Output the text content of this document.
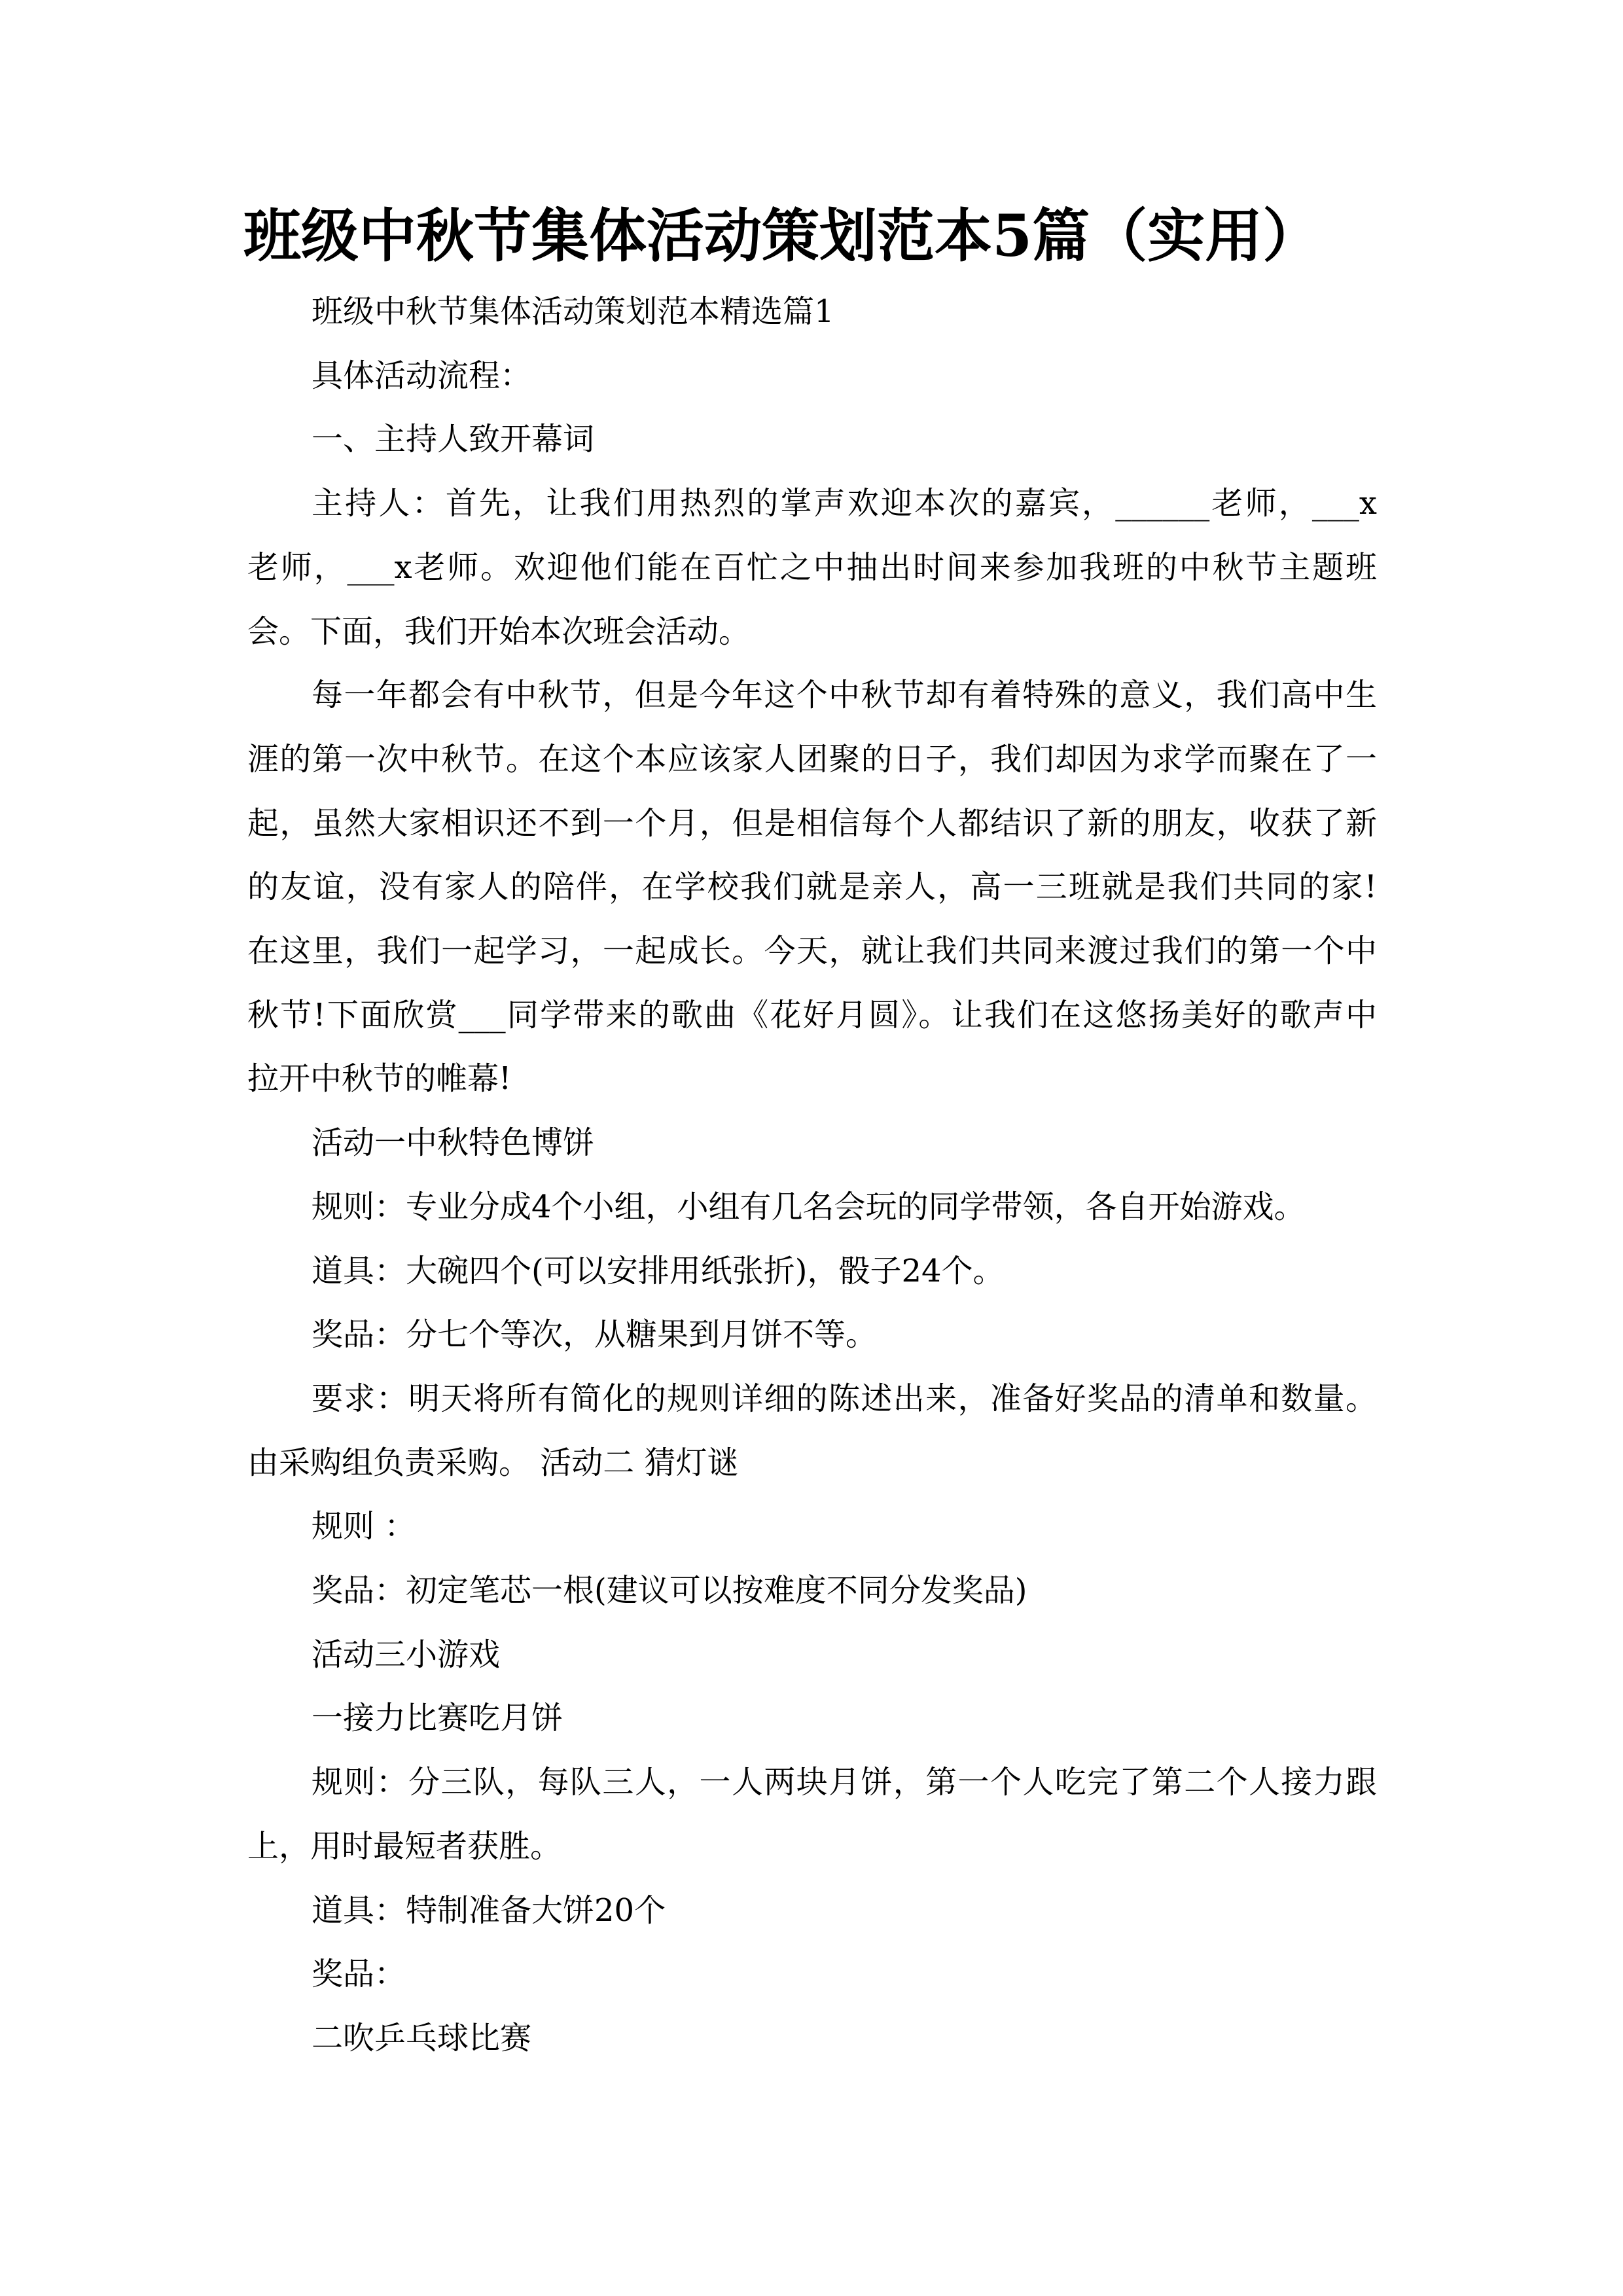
班级中秋节集体活动策划范本5篇（实用）
班级中秋节集体活动策划范本精选篇1
具体活动流程：
一、主持人致开幕词
主持人：首先，让我们用热烈的掌声欢迎本次的嘉宾，______老师，___x
老师，___x老师。欢迎他们能在百忙之中抽出时间来参加我班的中秋节主题班
会。下面，我们开始本次班会活动。
每一年都会有中秋节，但是今年这个中秋节却有着特殊的意义，我们高中生
涯的第一次中秋节。在这个本应该家人团聚的日子，我们却因为求学而聚在了一
起，虽然大家相识还不到一个月，但是相信每个人都结识了新的朋友，收获了新
的友谊，没有家人的陪伴，在学校我们就是亲人，高一三班就是我们共同的家!
在这里，我们一起学习，一起成长。今天，就让我们共同来渡过我们的第一个中
秋节!下面欣赏___同学带来的歌曲《花好月圆》。让我们在这悠扬美好的歌声中
拉开中秋节的帷幕!
活动一中秋特色博饼
规则：专业分成4个小组，小组有几名会玩的同学带领，各自开始游戏。
道具：大碗四个(可以安排用纸张折)，骰子24个。
奖品：分七个等次，从糖果到月饼不等。
要求：明天将所有简化的规则详细的陈述出来，准备好奖品的清单和数量。
由采购组负责采购。 活动二 猜灯谜
规则 ：
奖品：初定笔芯一根(建议可以按难度不同分发奖品)
活动三小游戏
一接力比赛吃月饼
规则：分三队，每队三人，一人两块月饼，第一个人吃完了第二个人接力跟
上，用时最短者获胜。
道具：特制准备大饼20个
奖品：
二吹乒乓球比赛
